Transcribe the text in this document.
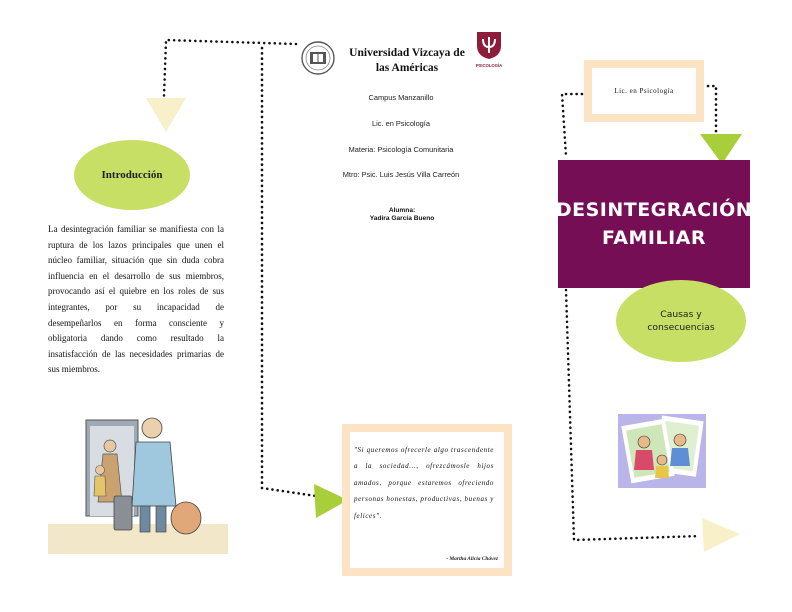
Introducción
La desintegración familiar se manifiesta con la ruptura de los lazos principales que unen el núcleo familiar, situación que sin duda cobra influencia en el desarrollo de sus miembros, provocando así el quiebre en los roles de sus integrantes, por su incapacidad de desempeñarlos en forma consciente y obligatoria dando como resultado la insatisfacción de las necesidades primarias de sus miembros.
Universidad Vizcaya de
las Américas	PSICOLOGÍA
Campus Manzanillo
Lic. en Psicología
Materia: Psicología Comunitaria
Mtro: Psic. Luis Jesús Villa Carreón
Alumna:
Yadira García Bueno
"Si queremos ofrecerle algo trascendente a la sociedad..., ofrezcámosle hijos amados, porque estaremos ofreciendo personas honestas, productivas, buenas y felices".
- Martha Alicia Chávez
Lic. en Psicología
DESINTEGRACIÓN
FAMILIAR
Causas y
consecuencias
